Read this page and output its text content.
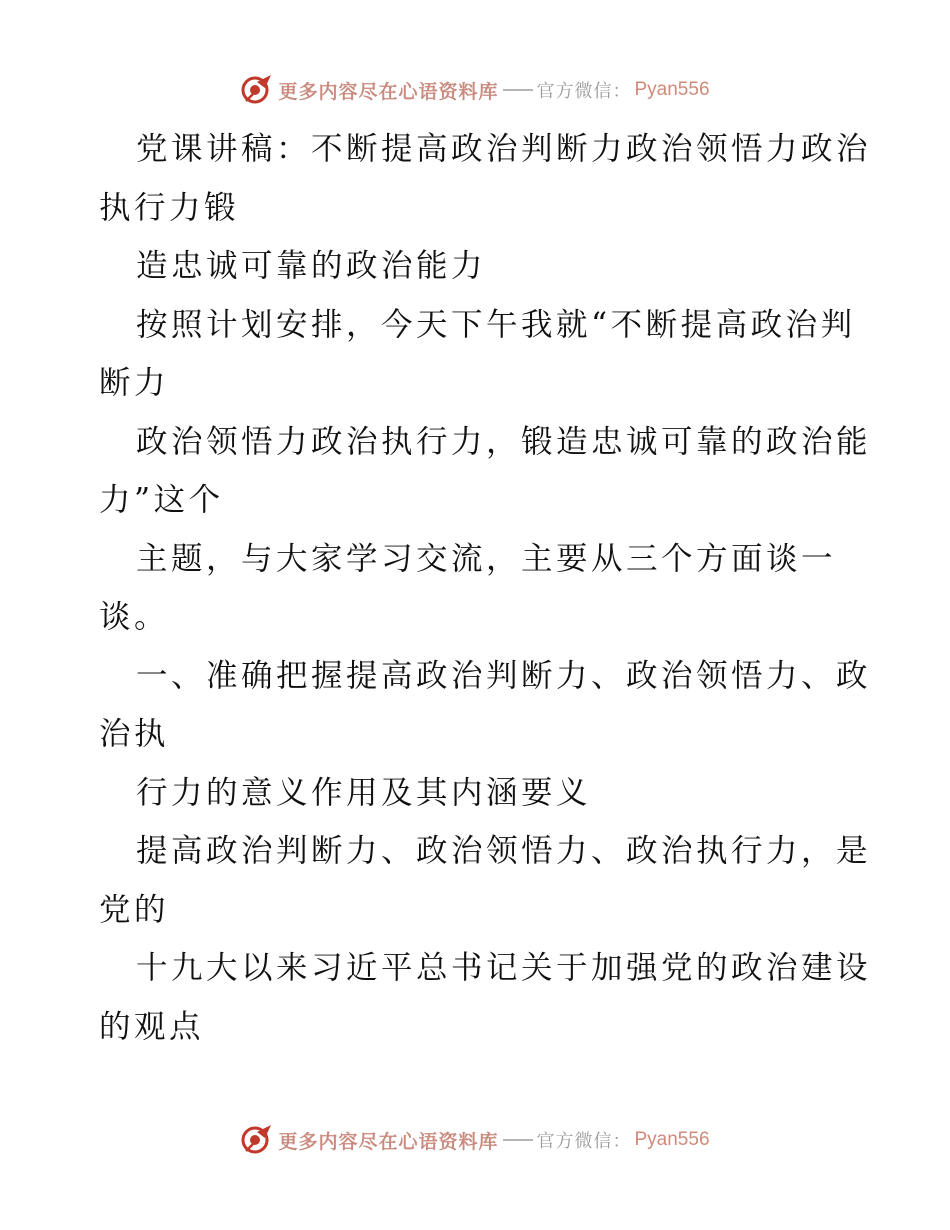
更多内容尽在心语资料库 官方微信： Pyan556
党课讲稿：不断提高政治判断力政治领悟力政治
执行力锻
造忠诚可靠的政治能力
按照计划安排，今天下午我就“不断提高政治判
断力
政治领悟力政治执行力，锻造忠诚可靠的政治能
力”这个
主题，与大家学习交流，主要从三个方面谈一
谈。
一、准确把握提高政治判断力、政治领悟力、政
治执
行力的意义作用及其内涵要义
提高政治判断力、政治领悟力、政治执行力，是
党的
十九大以来习近平总书记关于加强党的政治建设
的观点
更多内容尽在心语资料库 官方微信： Pyan556
